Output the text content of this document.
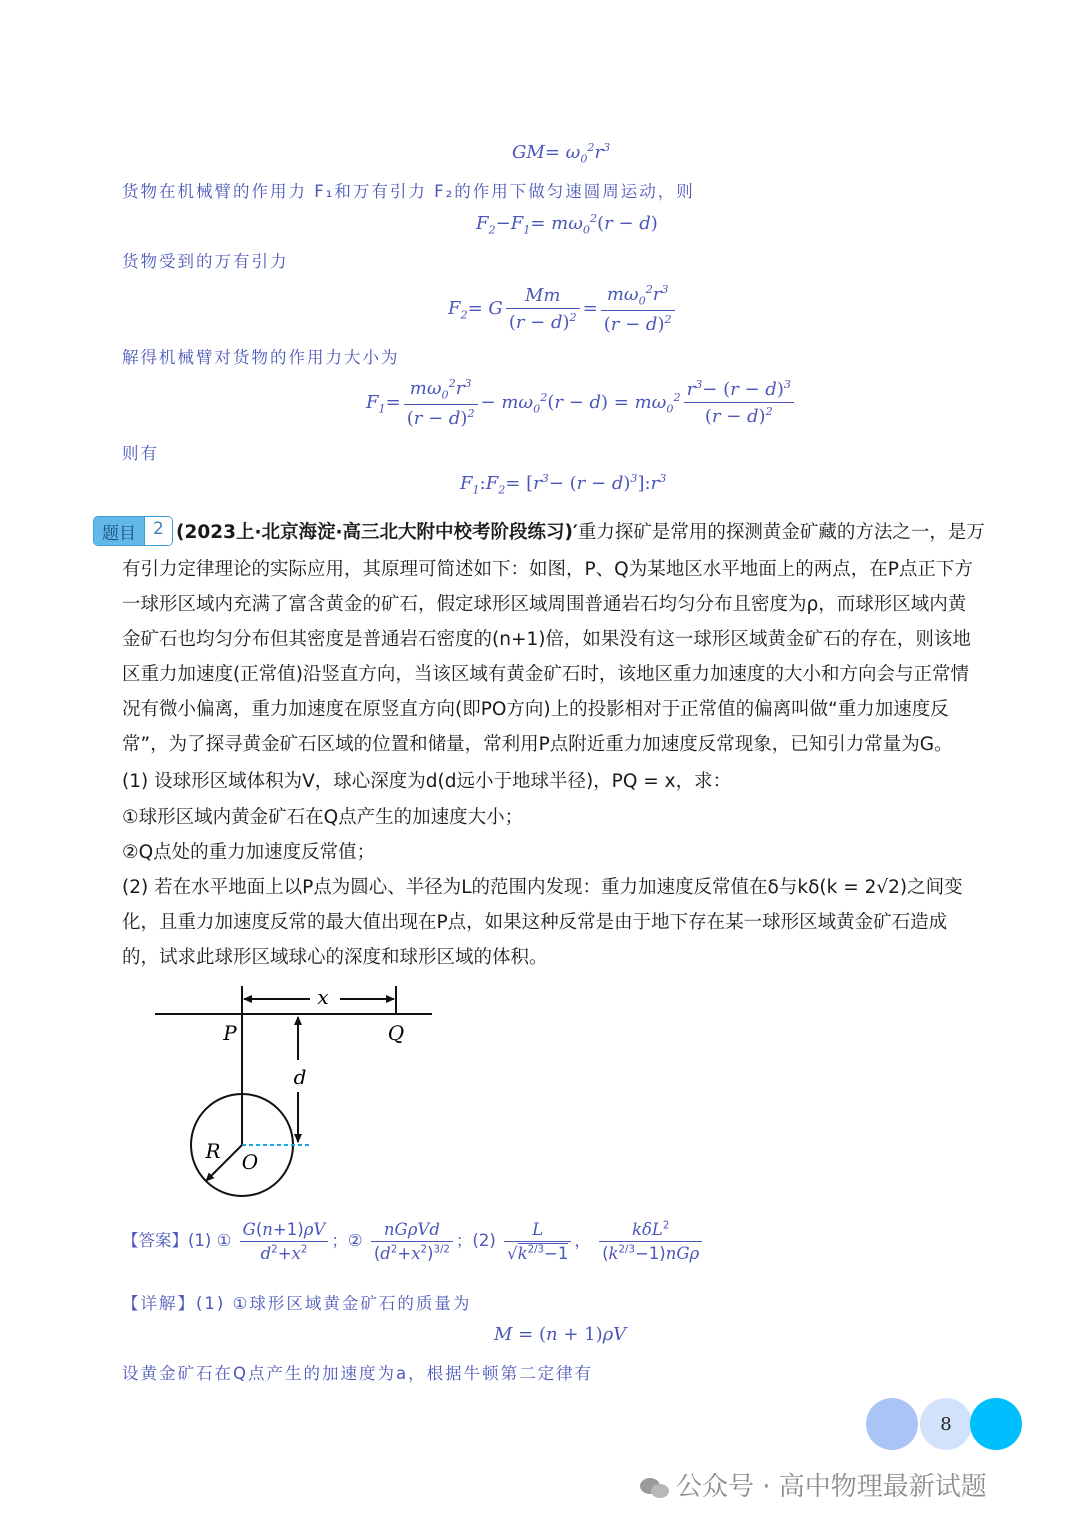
$GM= \omega_0^2r^3$
货物在机械臂的作用力 F₁和万有引力 F₂的作用下做匀速圆周运动，则
$F_2-F_1= m\omega_0^2(r - d)$
货物受到的万有引力
$F_2= G \frac{Mm}{(r - d)^2} = \frac{m\omega_0^2r^3}{(r - d)^2}$
解得机械臂对货物的作用力大小为
$F_1= \frac{m\omega_0^2r^3}{(r - d)^2} - m\omega_0^2(r - d) = m\omega_0^2 \frac{r^3- (r - d)^3}{(r - d)^2}$
则有
$F_1:F_2= [r^3- (r$ − $d)^3]:r^3$
题目	2 (2023上·北京海淀·高三北大附中校考阶段练习)′重力探矿是常用的探测黄金矿藏的方法之一，是万
有引力定律理论的实际应用，其原理可简述如下：如图，P、Q为某地区水平地面上的两点，在P点正下方
一球形区域内充满了富含黄金的矿石，假定球形区域周围普通岩石均匀分布且密度为ρ，而球形区域内黄
金矿石也均匀分布但其密度是普通岩石密度的(n+1)倍，如果没有这一球形区域黄金矿石的存在，则该地
区重力加速度(正常值)沿竖直方向，当该区域有黄金矿石时，该地区重力加速度的大小和方向会与正常情
况有微小偏离，重力加速度在原竖直方向(即PO方向)上的投影相对于正常值的偏离叫做“重力加速度反
常”，为了探寻黄金矿石区域的位置和储量，常利用P点附近重力加速度反常现象，已知引力常量为G。
(1) 设球形区域体积为V，球心深度为d(d远小于地球半径)，PQ = x，求：
①球形区域内黄金矿石在Q点产生的加速度大小；
②Q点处的重力加速度反常值；
(2) 若在水平地面上以P点为圆心、半径为L的范围内发现：重力加速度反常值在δ与kδ(k = 2√2)之间变
化，且重力加速度反常的最大值出现在P点，如果这种反常是由于地下存在某一球形区域黄金矿石造成
的，试求此球形区域球心的深度和球形区域的体积。
x
P	Q
d
R O
【答案】(1) ① $\frac{G(n+1)\rho V}{d^2+x^2}$ ；② $\frac{\text{nGρVd}}{(d^2+x^2)^{3/2}}$ ；$(2) \frac{L}{√k^{2/3}-1}$ ， $\frac{k\delta L^2}{(k^{2/3}-1)nG\rho}$
【详解】(1) ①球形区域黄金矿石的质量为
M = (n + 1)ρV
设黄金矿石在Q点产生的加速度为a，根据牛顿第二定律有
8
公众号 · 高中物理最新试题
